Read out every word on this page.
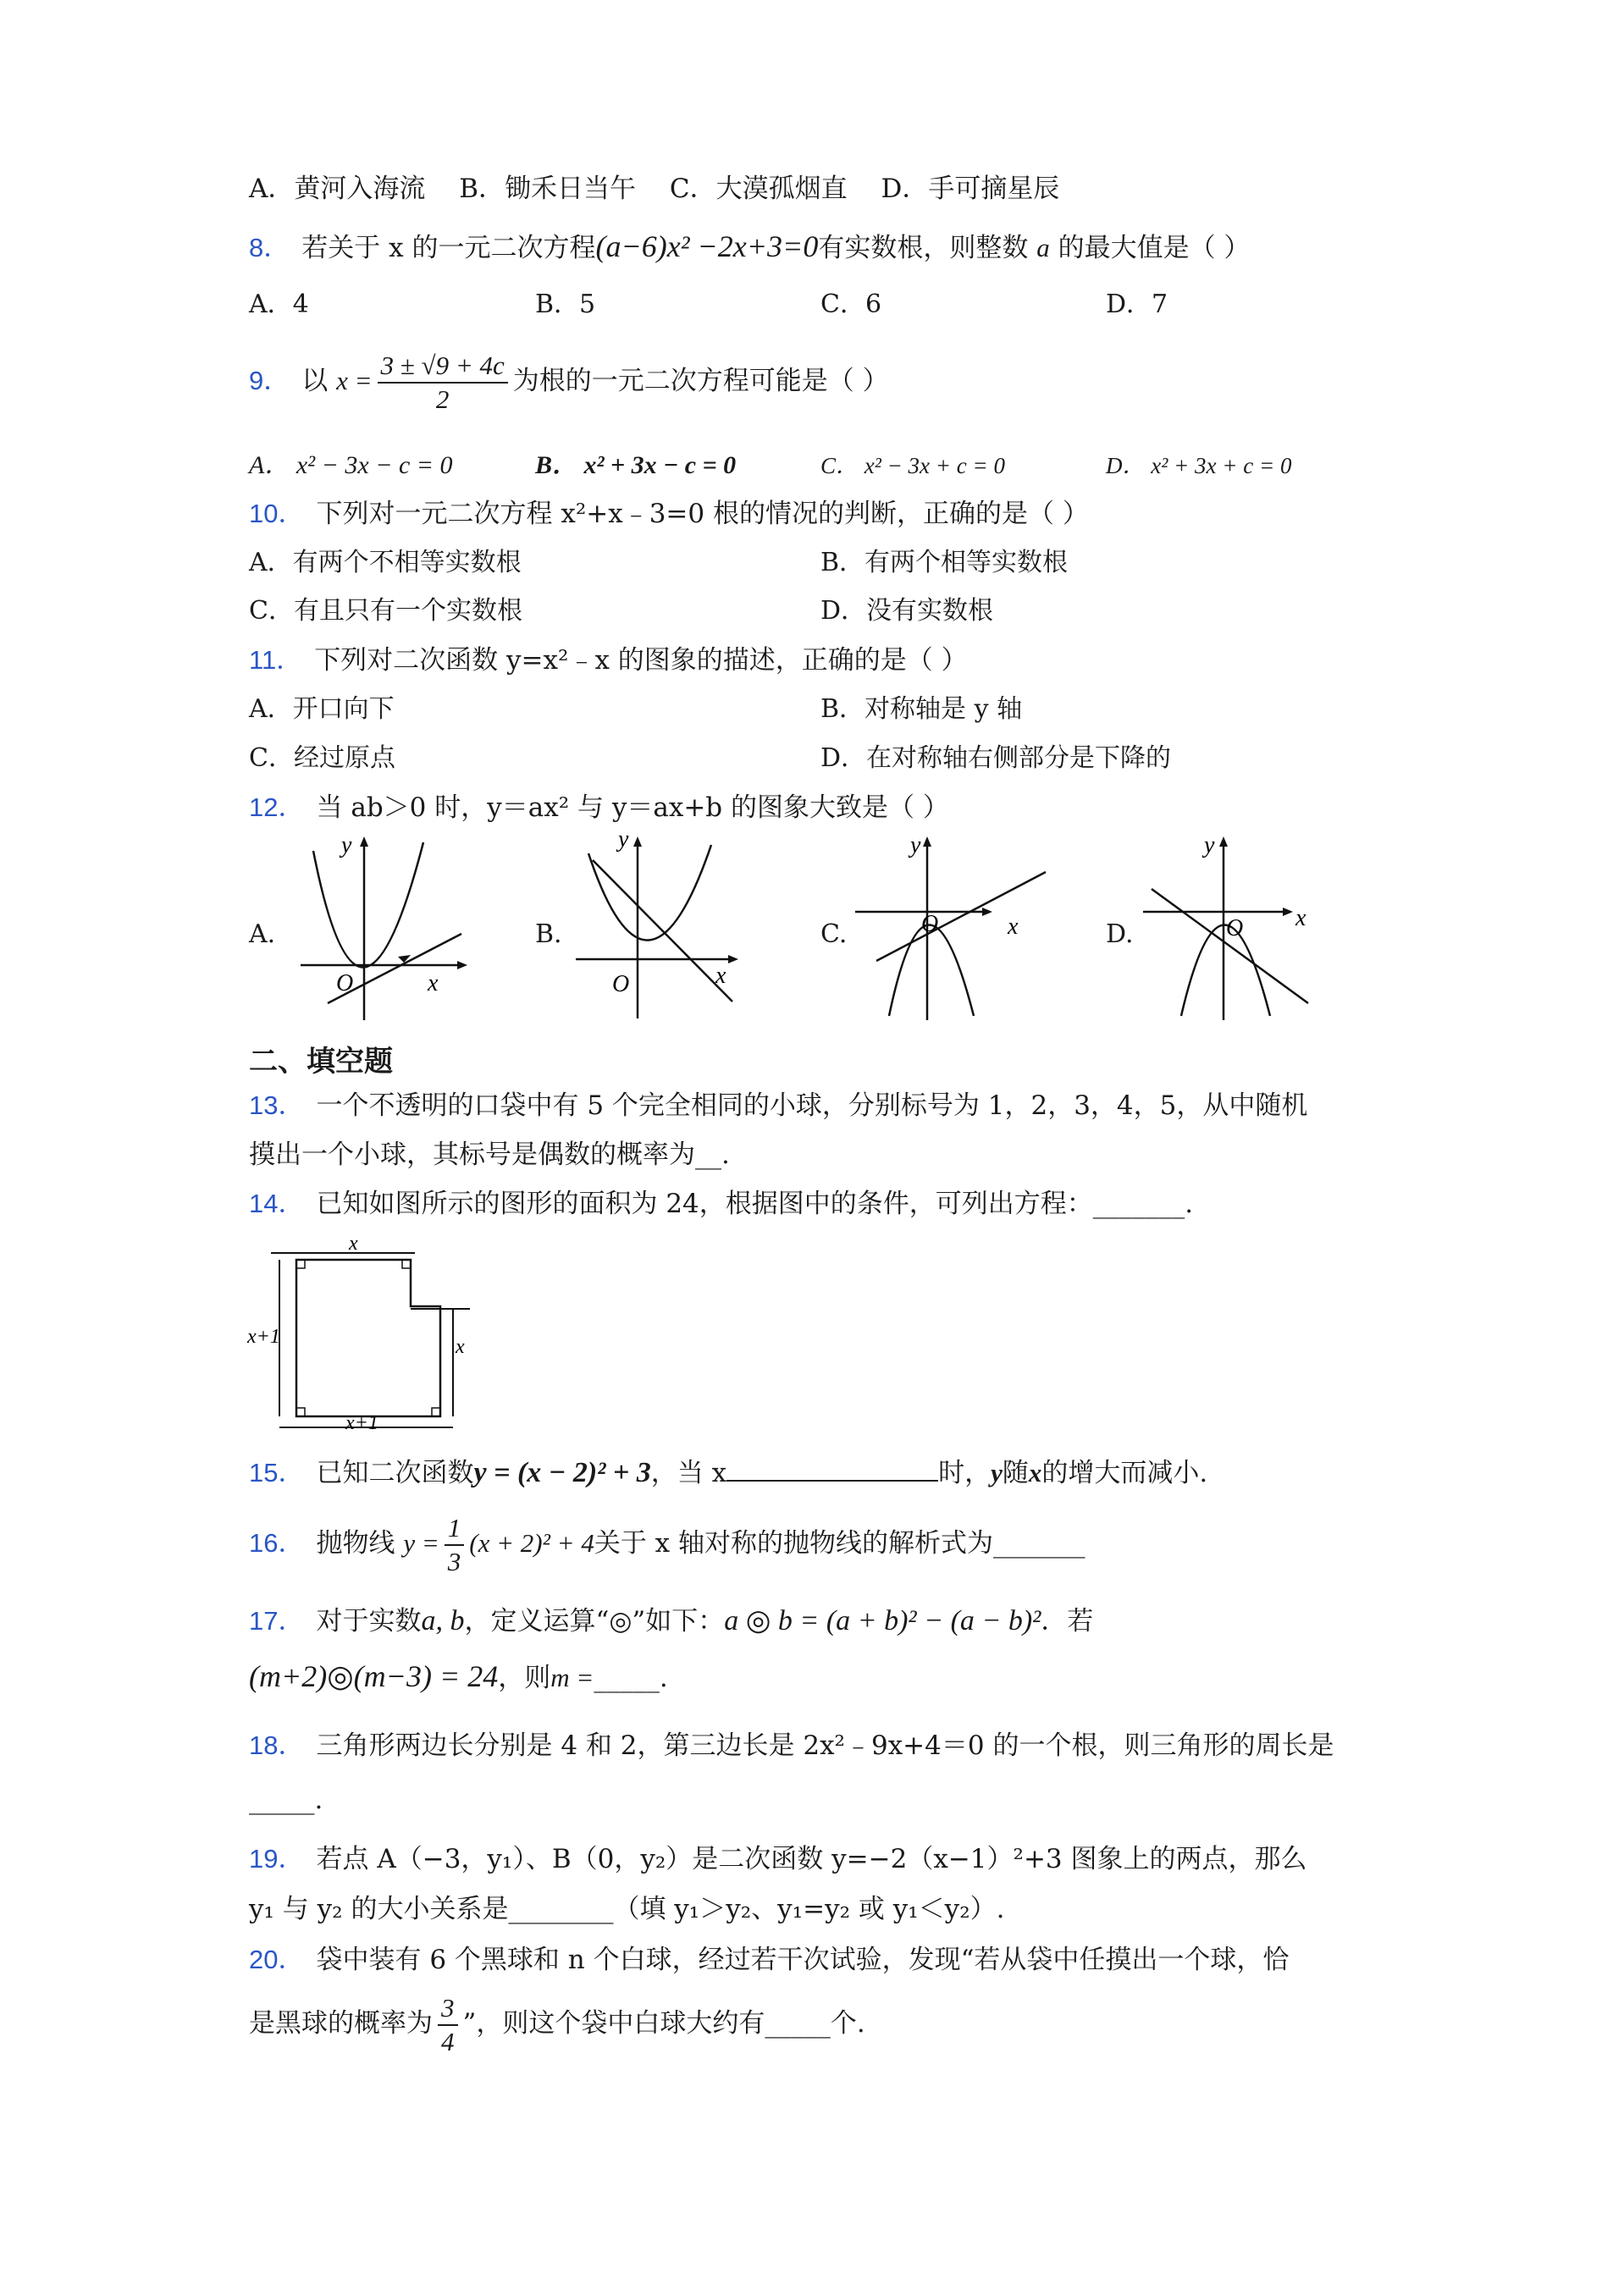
A．黄河入海流 B．锄禾日当午 C．大漠孤烟直 D．手可摘星辰
8． 若关于 x 的一元二次方程(a−6)x² −2x+3=0有实数根，则整数 a 的最大值是（ ）
A．4	B．5	C．6	D．7
9． 以 $x = \frac{3 \pm √9 + 4c}{2}$ 为根的一元二次方程可能是（ ）
A． x² − 3x − c = 0	B． x² + 3x − c = 0	C． x² − 3x + c = 0	D． x² + 3x + c = 0
10． 下列对一元二次方程 x²+x﹣3=0 根的情况的判断，正确的是（ ）
A．有两个不相等实数根	B．有两个相等实数根
C．有且只有一个实数根	D．没有实数根
11． 下列对二次函数 y=x²﹣x 的图象的描述，正确的是（ ）
A．开口向下	B．对称轴是 y 轴
C．经过原点	D．在对称轴右侧部分是下降的
12． 当 ab＞0 时，y＝ax² 与 y＝ax+b 的图象大致是（ ）
A.	B.	C.	D.
y
x
O
y
x
O
y
x
O
y
x
O
二、填空题
13． 一个不透明的口袋中有 5 个完全相同的小球，分别标号为 1，2，3，4，5，从中随机
摸出一个小球，其标号是偶数的概率为__.
14． 已知如图所示的图形的面积为 24，根据图中的条件，可列出方程：_______.
x
x+1	x
x+1
15． 已知二次函数y = (x − 2)² + 3，当 x	时，y随x的增大而减小.
16． 抛物线 $y = \frac{1}{3} (x + 2)^2 + 4$关于 x 轴对称的抛物线的解析式为_______
17． 对于实数a, b，定义运算“◎”如下：a ◎ b = (a + b)² − (a − b)²．若
(m+2)◎(m−3) = 24，则m =_____.
18． 三角形两边长分别是 4 和 2，第三边长是 2x²﹣9x+4＝0 的一个根，则三角形的周长是
_____.
19． 若点 A（−3，y₁）、B（0，y₂）是二次函数 y=−2（x−1）²+3 图象上的两点，那么
y₁ 与 y₂ 的大小关系是________（填 y₁＞y₂、y₁=y₂ 或 y₁＜y₂）.
20． 袋中装有 6 个黑球和 n 个白球，经过若干次试验，发现“若从袋中任摸出一个球，恰
是黑球的概率为 $\frac{3}{4}$ ”，则这个袋中白球大约有_____个.
